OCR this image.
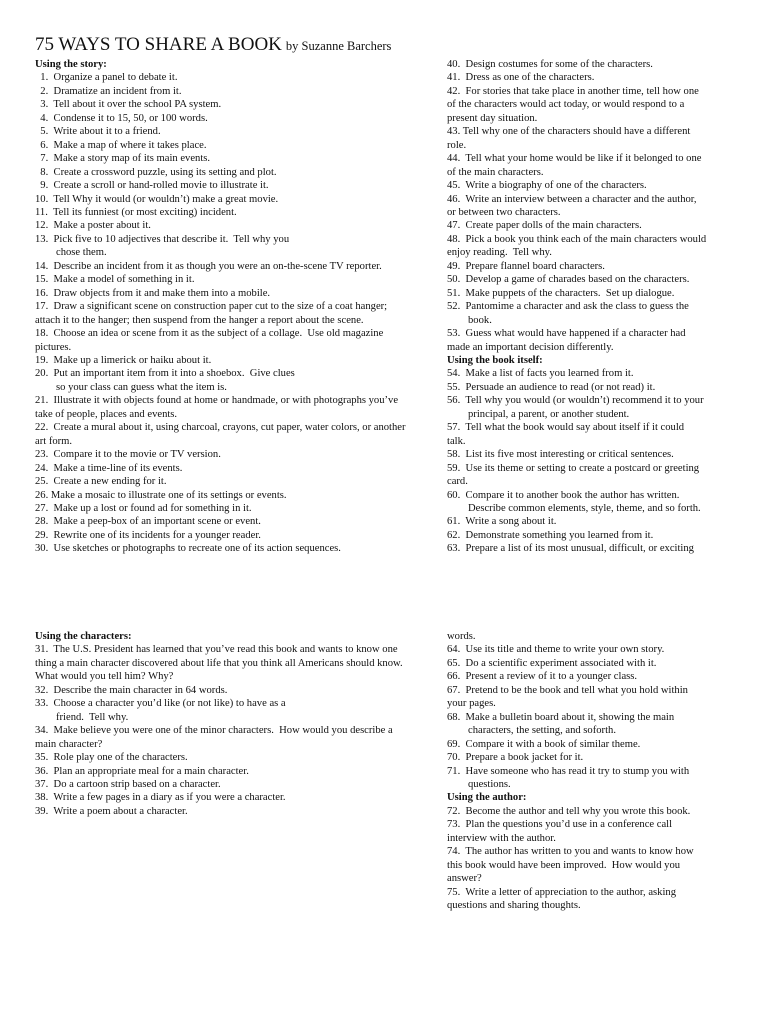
75 WAYS TO SHARE A BOOK by Suzanne Barchers

Using the story:

1.  Organize a panel to debate it.

2.  Dramatize an incident from it.

3.  Tell about it over the school PA system.

4.  Condense it to 15, 50, or 100 words.

5.  Write about it to a friend.

6.  Make a map of where it takes place.

7.  Make a story map of its main events.

8.  Create a crossword puzzle, using its setting and plot.

9.  Create a scroll or hand-rolled movie to illustrate it.

10.  Tell Why it would (or wouldn’t) make a great movie.

11.  Tell its funniest (or most exciting) incident.

12.  Make a poster about it.

13.  Pick five to 10 adjectives that describe it.  Tell why you

chose them.

14.  Describe an incident from it as though you were an on-the-scene TV reporter.

15.  Make a model of something in it.

16.  Draw objects from it and make them into a mobile.

17.  Draw a significant scene on construction paper cut to the size of a coat hanger;

attach it to the hanger; then suspend from the hanger a report about the scene.

18.  Choose an idea or scene from it as the subject of a collage.  Use old magazine

pictures.

19.  Make up a limerick or haiku about it.

20.  Put an important item from it into a shoebox.  Give clues

so your class can guess what the item is.

21.  Illustrate it with objects found at home or handmade, or with photographs you’ve

take of people, places and events.

22.  Create a mural about it, using charcoal, crayons, cut paper, water colors, or another

art form.

23.  Compare it to the movie or TV version.

24.  Make a time-line of its events.

25.  Create a new ending for it.

26. Make a mosaic to illustrate one of its settings or events.

27.  Make up a lost or found ad for something in it.

28.  Make a peep-box of an important scene or event.

29.  Rewrite one of its incidents for a younger reader.

30.  Use sketches or photographs to recreate one of its action sequences.

40.  Design costumes for some of the characters.

41.  Dress as one of the characters.

42.  For stories that take place in another time, tell how one

of the characters would act today, or would respond to a

present day situation.

43. Tell why one of the characters should have a different

role.

44.  Tell what your home would be like if it belonged to one

of the main characters.

45.  Write a biography of one of the characters.

46.  Write an interview between a character and the author,

or between two characters.

47.  Create paper dolls of the main characters.

48.  Pick a book you think each of the main characters would

enjoy reading.  Tell why.

49.  Prepare flannel board characters.

50.  Develop a game of charades based on the characters.

51.  Make puppets of the characters.  Set up dialogue.

52.  Pantomime a character and ask the class to guess the

book.

53.  Guess what would have happened if a character had

made an important decision differently.

Using the book itself:

54.  Make a list of facts you learned from it.

55.  Persuade an audience to read (or not read) it.

56.  Tell why you would (or wouldn’t) recommend it to your

principal, a parent, or another student.

57.  Tell what the book would say about itself if it could

talk.

58.  List its five most interesting or critical sentences.

59.  Use its theme or setting to create a postcard or greeting

card.

60.  Compare it to another book the author has written.

Describe common elements, style, theme, and so forth.

61.  Write a song about it.

62.  Demonstrate something you learned from it.

63.  Prepare a list of its most unusual, difficult, or exciting

Using the characters:

31.  The U.S. President has learned that you’ve read this book and wants to know one

thing a main character discovered about life that you think all Americans should know.

What would you tell him? Why?

32.  Describe the main character in 64 words.

33.  Choose a character you’d like (or not like) to have as a

friend.  Tell why.

34.  Make believe you were one of the minor characters.  How would you describe a

main character?

35.  Role play one of the characters.

36.  Plan an appropriate meal for a main character.

37.  Do a cartoon strip based on a character.

38.  Write a few pages in a diary as if you were a character.

39.  Write a poem about a character.

words.

64.  Use its title and theme to write your own story.

65.  Do a scientific experiment associated with it.

66.  Present a review of it to a younger class.

67.  Pretend to be the book and tell what you hold within

your pages.

68.  Make a bulletin board about it, showing the main

characters, the setting, and soforth.

69.  Compare it with a book of similar theme.

70.  Prepare a book jacket for it.

71.  Have someone who has read it try to stump you with

questions.

Using the author:

72.  Become the author and tell why you wrote this book.

73.  Plan the questions you’d use in a conference call

interview with the author.

74.  The author has written to you and wants to know how

this book would have been improved.  How would you

answer?

75.  Write a letter of appreciation to the author, asking

questions and sharing thoughts.
